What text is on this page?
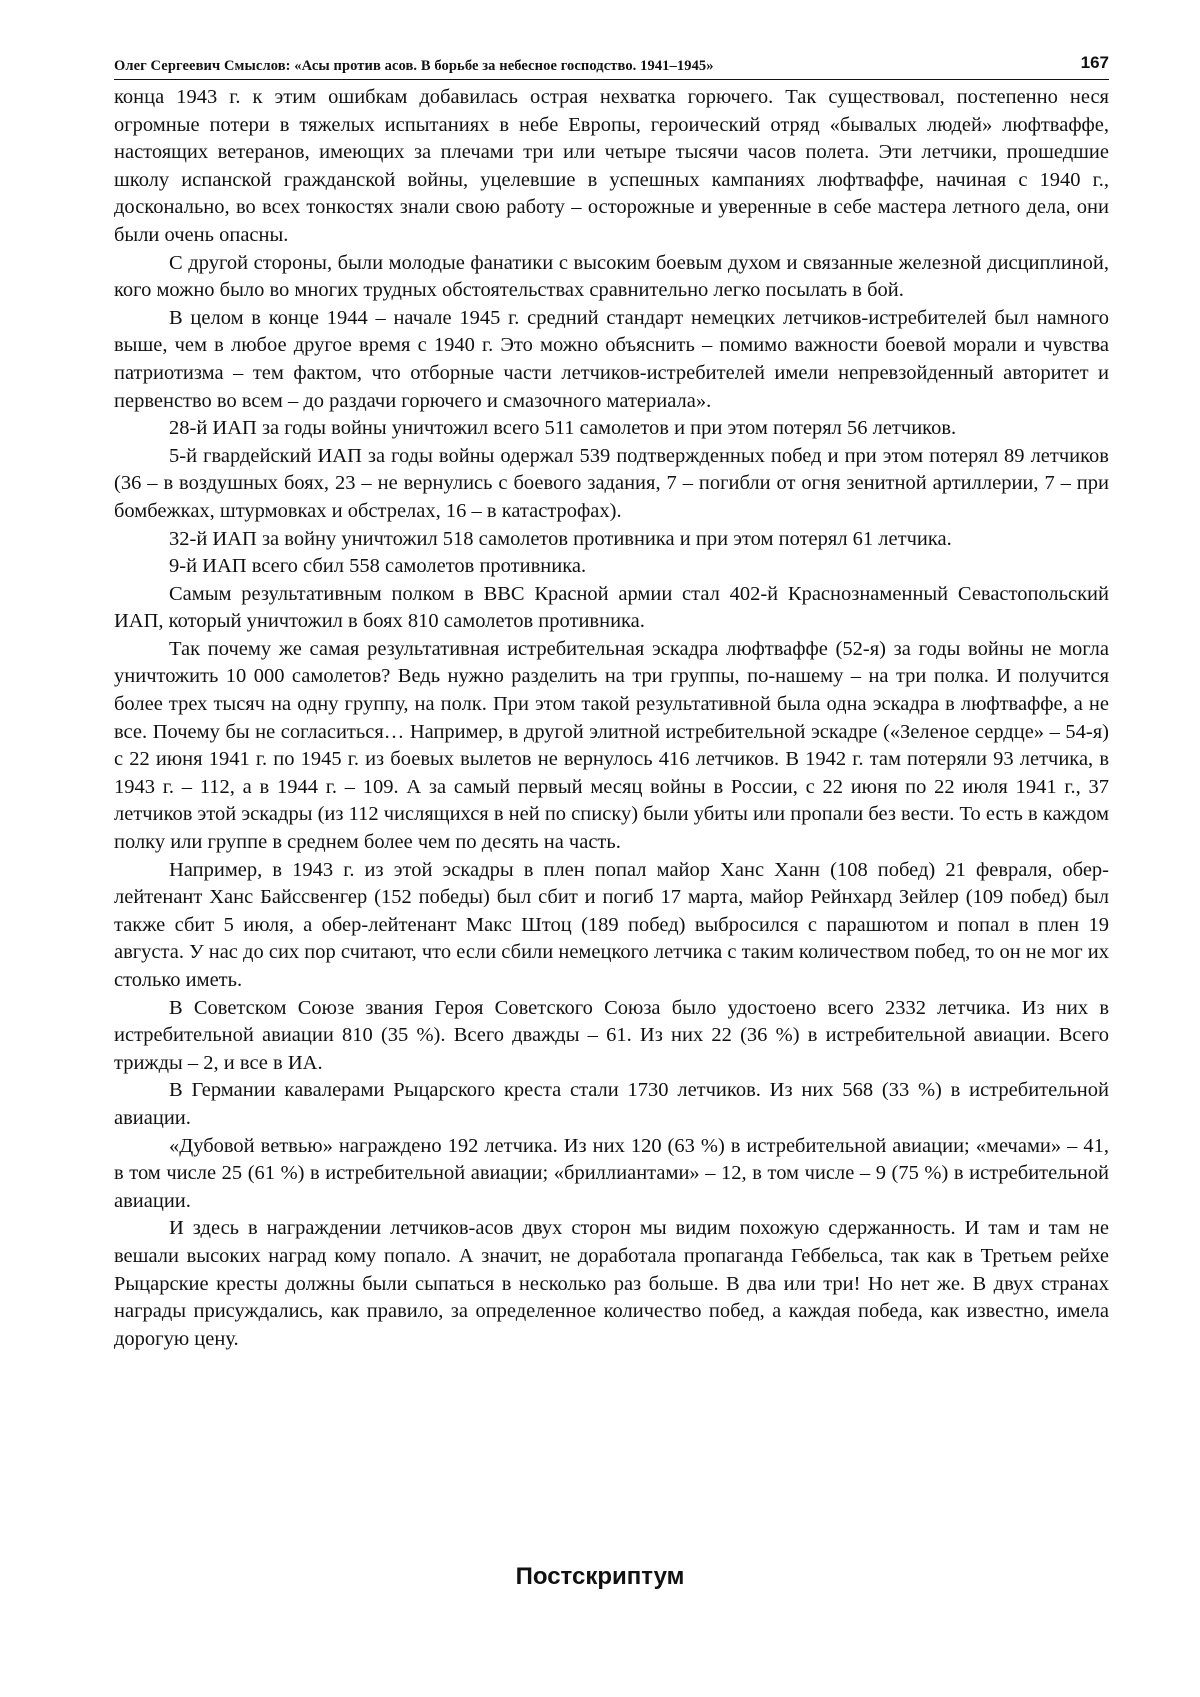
Олег Сергеевич Смыслов: «Асы против асов. В борьбе за небесное господство. 1941–1945»	167

конца 1943 г. к этим ошибкам добавилась острая нехватка горючего. Так существовал, постепенно неся огромные потери в тяжелых испытаниях в небе Европы, героический отряд «бывалых людей» люфтваффе, настоящих ветеранов, имеющих за плечами три или четыре тысячи часов полета. Эти летчики, прошедшие школу испанской гражданской войны, уцелевшие в успешных кампаниях люфтваффе, начиная с 1940 г., досконально, во всех тонкостях знали свою работу – осторожные и уверенные в себе мастера летного дела, они были очень опасны.

С другой стороны, были молодые фанатики с высоким боевым духом и связанные железной дисциплиной, кого можно было во многих трудных обстоятельствах сравнительно легко посылать в бой.

В целом в конце 1944 – начале 1945 г. средний стандарт немецких летчиков-истребителей был намного выше, чем в любое другое время с 1940 г. Это можно объяснить – помимо важности боевой морали и чувства патриотизма – тем фактом, что отборные части летчиков-истребителей имели непревзойденный авторитет и первенство во всем – до раздачи горючего и смазочного материала».

28-й ИАП за годы войны уничтожил всего 511 самолетов и при этом потерял 56 летчиков.

5-й гвардейский ИАП за годы войны одержал 539 подтвержденных побед и при этом потерял 89 летчиков (36 – в воздушных боях, 23 – не вернулись с боевого задания, 7 – погибли от огня зенитной артиллерии, 7 – при бомбежках, штурмовках и обстрелах, 16 – в катастрофах).

32-й ИАП за войну уничтожил 518 самолетов противника и при этом потерял 61 летчика.

9-й ИАП всего сбил 558 самолетов противника.

Самым результативным полком в ВВС Красной армии стал 402-й Краснознаменный Севастопольский ИАП, который уничтожил в боях 810 самолетов противника.

Так почему же самая результативная истребительная эскадра люфтваффе (52-я) за годы войны не могла уничтожить 10 000 самолетов? Ведь нужно разделить на три группы, по-нашему – на три полка. И получится более трех тысяч на одну группу, на полк. При этом такой результативной была одна эскадра в люфтваффе, а не все. Почему бы не согласиться… Например, в другой элитной истребительной эскадре («Зеленое сердце» – 54-я) с 22 июня 1941 г. по 1945 г. из боевых вылетов не вернулось 416 летчиков. В 1942 г. там потеряли 93 летчика, в 1943 г. – 112, а в 1944 г. – 109. А за самый первый месяц войны в России, с 22 июня по 22 июля 1941 г., 37 летчиков этой эскадры (из 112 числящихся в ней по списку) были убиты или пропали без вести. То есть в каждом полку или группе в среднем более чем по десять на часть.

Например, в 1943 г. из этой эскадры в плен попал майор Ханс Ханн (108 побед) 21 февраля, обер-лейтенант Ханс Байссвенгер (152 победы) был сбит и погиб 17 марта, майор Рейнхард Зейлер (109 побед) был также сбит 5 июля, а обер-лейтенант Макс Штоц (189 побед) выбросился с парашютом и попал в плен 19 августа. У нас до сих пор считают, что если сбили немецкого летчика с таким количеством побед, то он не мог их столько иметь.

В Советском Союзе звания Героя Советского Союза было удостоено всего 2332 летчика. Из них в истребительной авиации 810 (35 %). Всего дважды – 61. Из них 22 (36 %) в истребительной авиации. Всего трижды – 2, и все в ИА.

В Германии кавалерами Рыцарского креста стали 1730 летчиков. Из них 568 (33 %) в истребительной авиации.

«Дубовой ветвью» награждено 192 летчика. Из них 120 (63 %) в истребительной авиации; «мечами» – 41, в том числе 25 (61 %) в истребительной авиации; «бриллиантами» – 12, в том числе – 9 (75 %) в истребительной авиации.

И здесь в награждении летчиков-асов двух сторон мы видим похожую сдержанность. И там и там не вешали высоких наград кому попало. А значит, не доработала пропаганда Геббельса, так как в Третьем рейхе Рыцарские кресты должны были сыпаться в несколько раз больше. В два или три! Но нет же. В двух странах награды присуждались, как правило, за определенное количество побед, а каждая победа, как известно, имела дорогую цену.

Постскриптум
